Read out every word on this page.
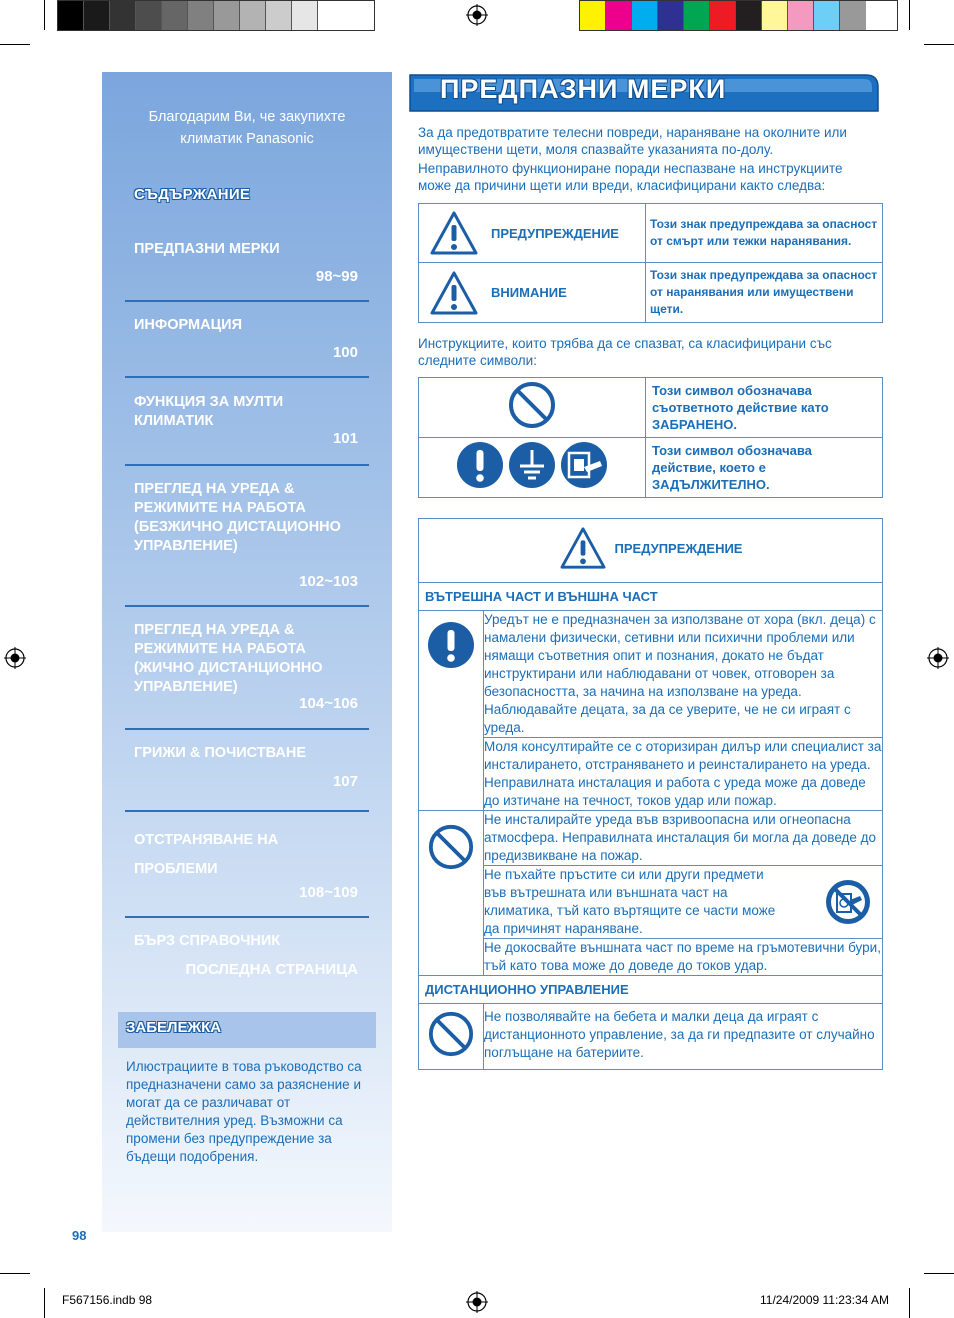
Благодарим Ви, че закупихте климатик Panasonic
СЪДЪРЖАНИЕ
ПРЕДПАЗНИ МЕРКИ
98~99
ИНФОРМАЦИЯ
100
ФУНКЦИЯ ЗА МУЛТИ КЛИМАТИК
101
ПРЕГЛЕД НА УРЕДА & РЕЖИМИТЕ НА РАБОТА (БЕЗЖИЧНО ДИСТАЦИОННО УПРАВЛЕНИЕ)
102~103
ПРЕГЛЕД НА УРЕДА & РЕЖИМИТЕ НА РАБОТА (ЖИЧНО ДИСТАНЦИОННО УПРАВЛЕНИЕ)
104~106
ГРИЖИ & ПОЧИСТВАНЕ
107
ОТСТРАНЯВАНЕ НА ПРОБЛЕМИ
108~109
БЪРЗ СПРАВОЧНИК
ПОСЛЕДНА СТРАНИЦА
ЗАБЕЛЕЖКА
Илюстрациите в това ръководство са предназначени само за разяснение и могат да се различават от действителния уред. Възможни са промени без предупреждение за бъдещи подобрения.
98
ПРЕДПАЗНИ МЕРКИ
За да предотвратите телесни повреди, нараняване на околните или имуществени щети, моля спазвайте указанията по-долу.
Неправилното функциониране поради неспазване на инструкциите може да причини щети или вреди, класифицирани както следва:
ПРЕДУПРЕЖДЕНИЕ	Този знак предупреждава за опасност от смърт или тежки наранявания.

ВНИМАНИЕ	Този знак предупреждава за опасност от наранявания или имуществени щети.
Инструкциите, които трябва да се спазват, са класифицирани със следните символи:

Този символ обозначава съответното действие като ЗАБРАНЕНО.

Този символ обозначава действие, което е ЗАДЪЛЖИТЕЛНО.
ПРЕДУПРЕЖДЕНИЕ	

ВЪТРЕШНА ЧАСТ И ВЪНШНА ЧАСТ	
	Уредът не е предназначен за използване от хора (вкл. деца) с намалени физически, сетивни или психични проблеми или нямащи съответния опит и познания, докато не бъдат инструктирани или наблюдавани от човек, отговорен за безопасността, за начина на използване на уреда. Наблюдавайте децата, за да се уверите, че не си играят с уреда.
	Моля консултирайте се с оторизиран дилър или специалист за инсталирането, отстраняването и реинсталирането на уреда. Неправилната инсталация и работа с уреда може да доведе до изтичане на течност, токов удар или пожар.
	Не инсталирайте уреда във взривоопасна или огнеопасна атмосфера. Неправилната инсталация би могла да доведе до предизвикване на пожар.

	Не пъхайте пръстите си или други предмети във вътрешната или външната част на климатика, тъй като въртящите се части може да причинят нараняване.

	Не докосвайте външната част по време на гръмотевични бури, тъй като това може до доведе до токов удар.
ДИСТАНЦИОННО УПРАВЛЕНИЕ	
	Не позволявайте на бебета и малки деца да играят с дистанционното управление, за да ги предпазите от случайно поглъщане на батериите.
F567156.indb 98	11/24/2009 11:23:34 AM
